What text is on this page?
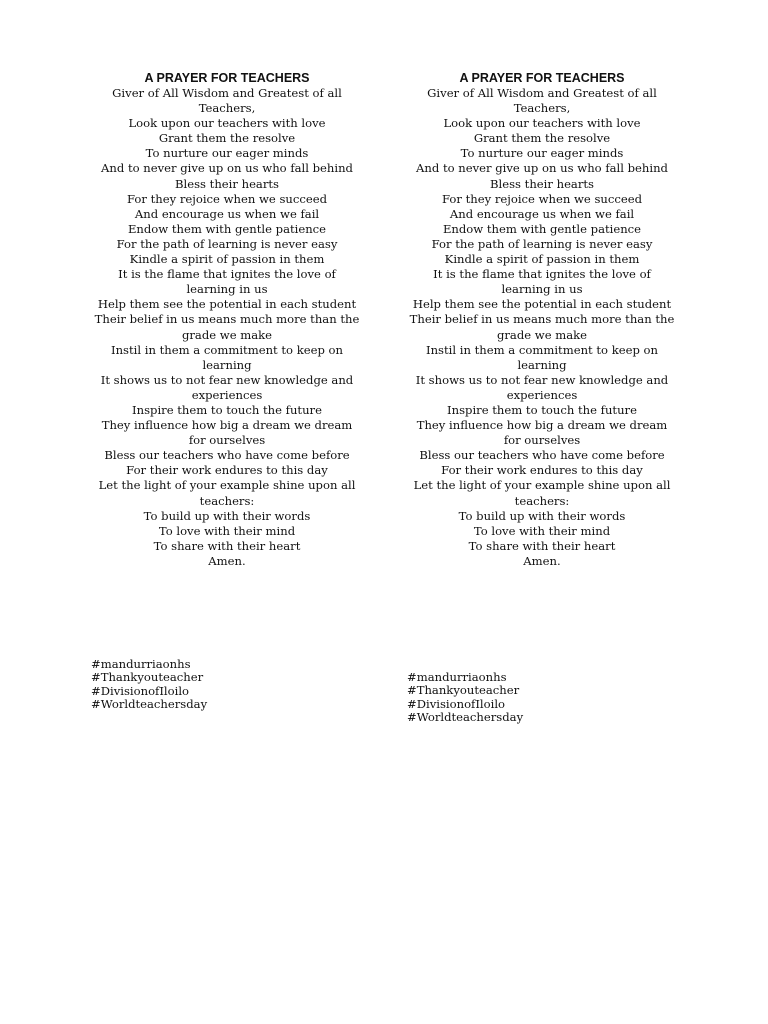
A PRAYER FOR TEACHERS
Giver of All Wisdom and Greatest of all Teachers,
Look upon our teachers with love
Grant them the resolve
To nurture our eager minds
And to never give up on us who fall behind
Bless their hearts
For they rejoice when we succeed
And encourage us when we fail
Endow them with gentle patience
For the path of learning is never easy
Kindle a spirit of passion in them
It is the flame that ignites the love of learning in us
Help them see the potential in each student
Their belief in us means much more than the grade we make
Instil in them a commitment to keep on learning
It shows us to not fear new knowledge and experiences
Inspire them to touch the future
They influence how big a dream we dream for ourselves
Bless our teachers who have come before
For their work endures to this day
Let the light of your example shine upon all teachers:
To build up with their words
To love with their mind
To share with their heart
Amen.
A PRAYER FOR TEACHERS
Giver of All Wisdom and Greatest of all Teachers,
Look upon our teachers with love
Grant them the resolve
To nurture our eager minds
And to never give up on us who fall behind
Bless their hearts
For they rejoice when we succeed
And encourage us when we fail
Endow them with gentle patience
For the path of learning is never easy
Kindle a spirit of passion in them
It is the flame that ignites the love of learning in us
Help them see the potential in each student
Their belief in us means much more than the grade we make
Instil in them a commitment to keep on learning
It shows us to not fear new knowledge and experiences
Inspire them to touch the future
They influence how big a dream we dream for ourselves
Bless our teachers who have come before
For their work endures to this day
Let the light of your example shine upon all teachers:
To build up with their words
To love with their mind
To share with their heart
Amen.
#mandurriaonhs
#Thankyouteacher
#DivisionofIloilo
#Worldteachersday
#mandurriaonhs
#Thankyouteacher
#DivisionofIloilo
#Worldteachersday
